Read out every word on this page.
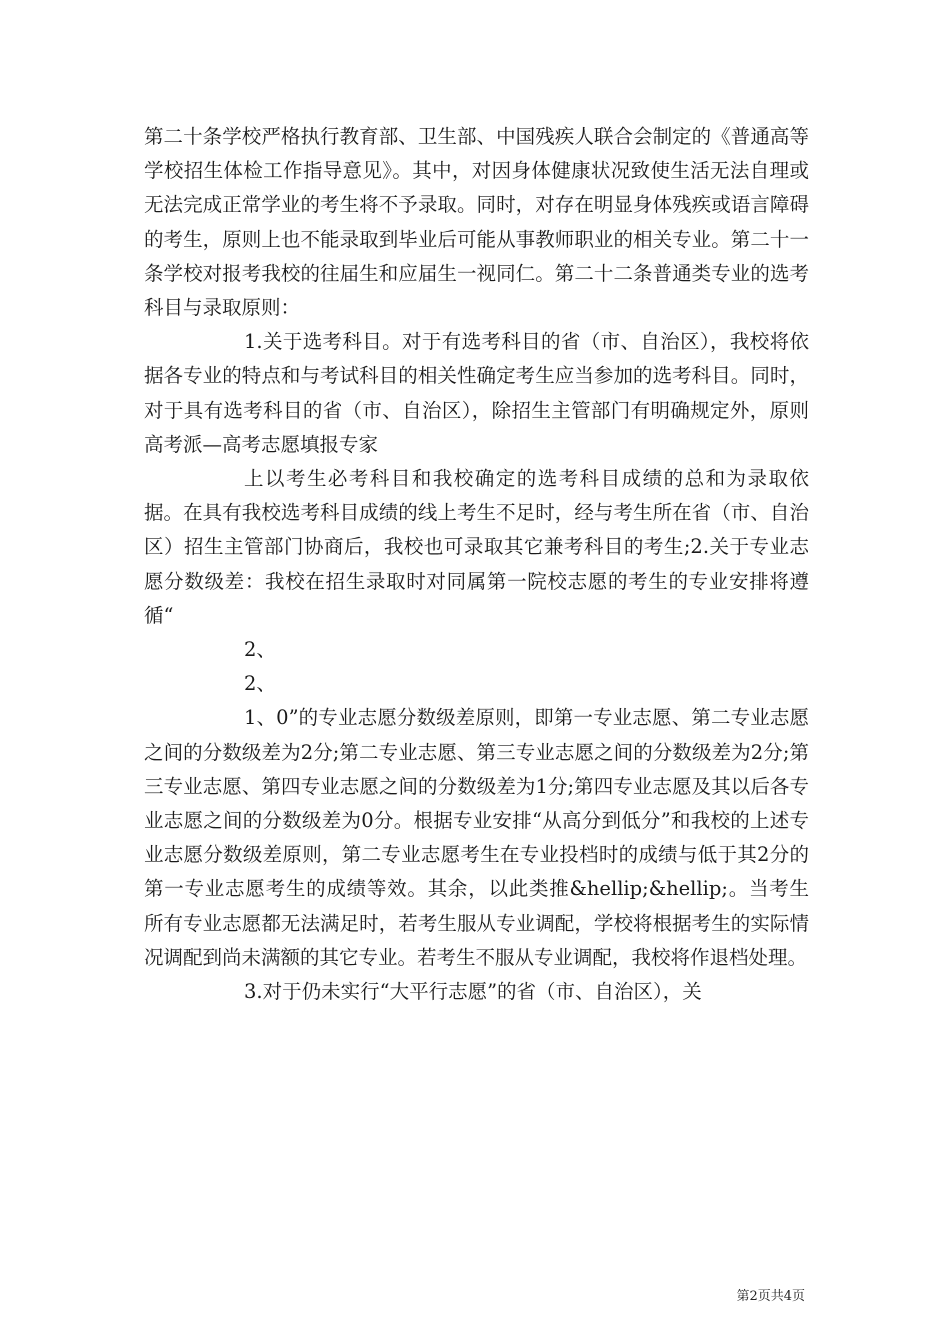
第二十条学校严格执行教育部、卫生部、中国残疾人联合会制定的《普通高等学校招生体检工作指导意见》。其中，对因身体健康状况致使生活无法自理或无法完成正常学业的考生将不予录取。同时，对存在明显身体残疾或语言障碍的考生，原则上也不能录取到毕业后可能从事教师职业的相关专业。第二十一条学校对报考我校的往届生和应届生一视同仁。第二十二条普通类专业的选考科目与录取原则：

1.关于选考科目。对于有选考科目的省（市、自治区），我校将依据各专业的特点和与考试科目的相关性确定考生应当参加的选考科目。同时，对于具有选考科目的省（市、自治区），除招生主管部门有明确规定外，原则高考派—高考志愿填报专家

上以考生必考科目和我校确定的选考科目成绩的总和为录取依据。在具有我校选考科目成绩的线上考生不足时，经与考生所在省（市、自治区）招生主管部门协商后，我校也可录取其它兼考科目的考生;2.关于专业志愿分数级差：我校在招生录取时对同属第一院校志愿的考生的专业安排将遵循“

2、

2、

1、0”的专业志愿分数级差原则，即第一专业志愿、第二专业志愿之间的分数级差为2分;第二专业志愿、第三专业志愿之间的分数级差为2分;第三专业志愿、第四专业志愿之间的分数级差为1分;第四专业志愿及其以后各专业志愿之间的分数级差为0分。根据专业安排“从高分到低分”和我校的上述专业志愿分数级差原则，第二专业志愿考生在专业投档时的成绩与低于其2分的第一专业志愿考生的成绩等效。其余，以此类推&hellip;&hellip;。当考生所有专业志愿都无法满足时，若考生服从专业调配，学校将根据考生的实际情况调配到尚未满额的其它专业。若考生不服从专业调配，我校将作退档处理。

3.对于仍未实行“大平行志愿”的省（市、自治区），关

第2页共4页
